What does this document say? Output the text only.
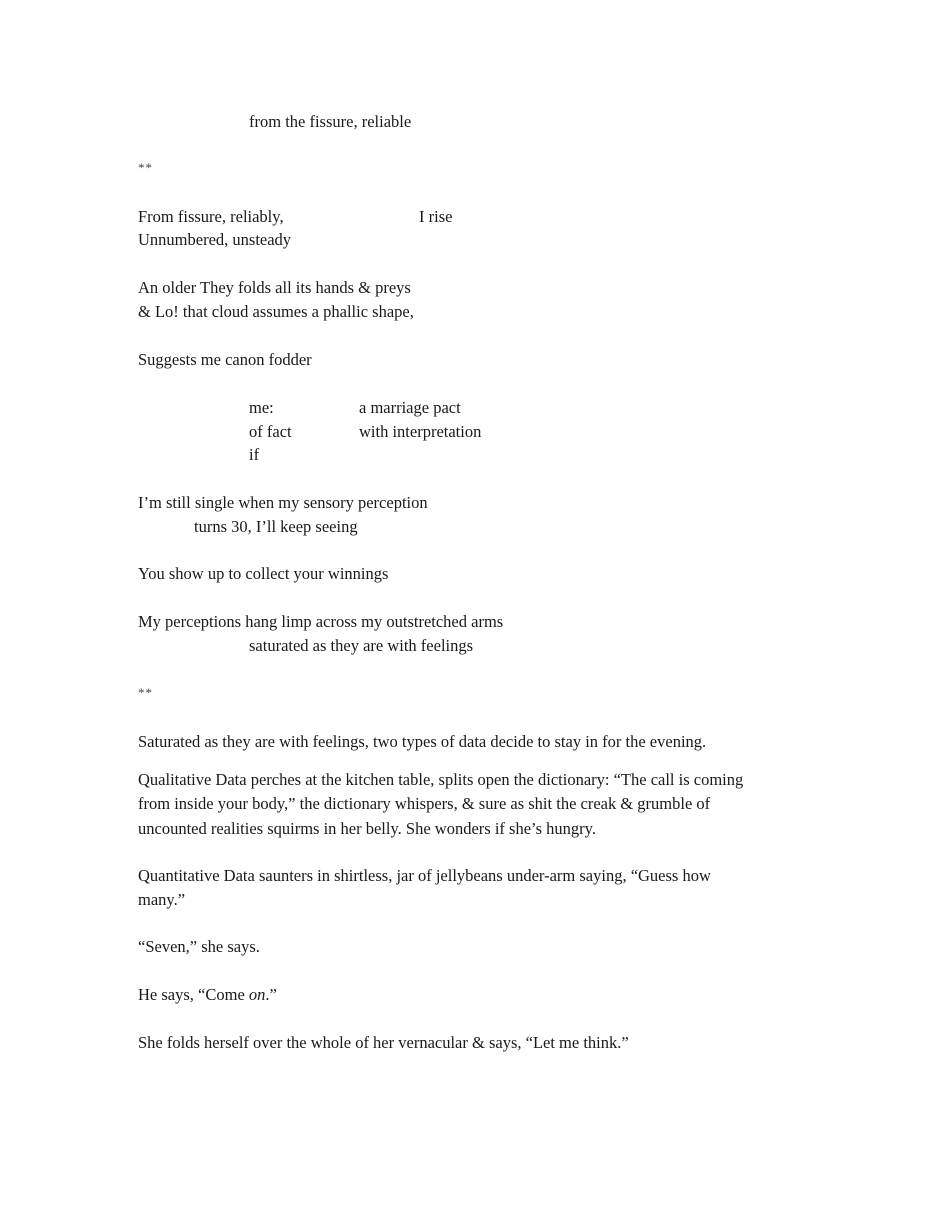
from the fissure, reliable
**
From fissure, reliably,	I rise
Unnumbered, unsteady
An older They folds all its hands & preys
& Lo! that cloud assumes a phallic shape,
Suggests me canon fodder
me:	a marriage pact
of fact	with interpretation
if
I’m still single when my sensory perception
turns 30, I’ll keep seeing
You show up to collect your winnings
My perceptions hang limp across my outstretched arms
saturated as they are with feelings
**
Saturated as they are with feelings, two types of data decide to stay in for the evening.
Qualitative Data perches at the kitchen table, splits open the dictionary: “The call is coming
from inside your body,” the dictionary whispers, & sure as shit the creak & grumble of
uncounted realities squirms in her belly. She wonders if she’s hungry.
Quantitative Data saunters in shirtless, jar of jellybeans under-arm saying, “Guess how
many.”
“Seven,” she says.
He says, “Come on.”
She folds herself over the whole of her vernacular & says, “Let me think.”
